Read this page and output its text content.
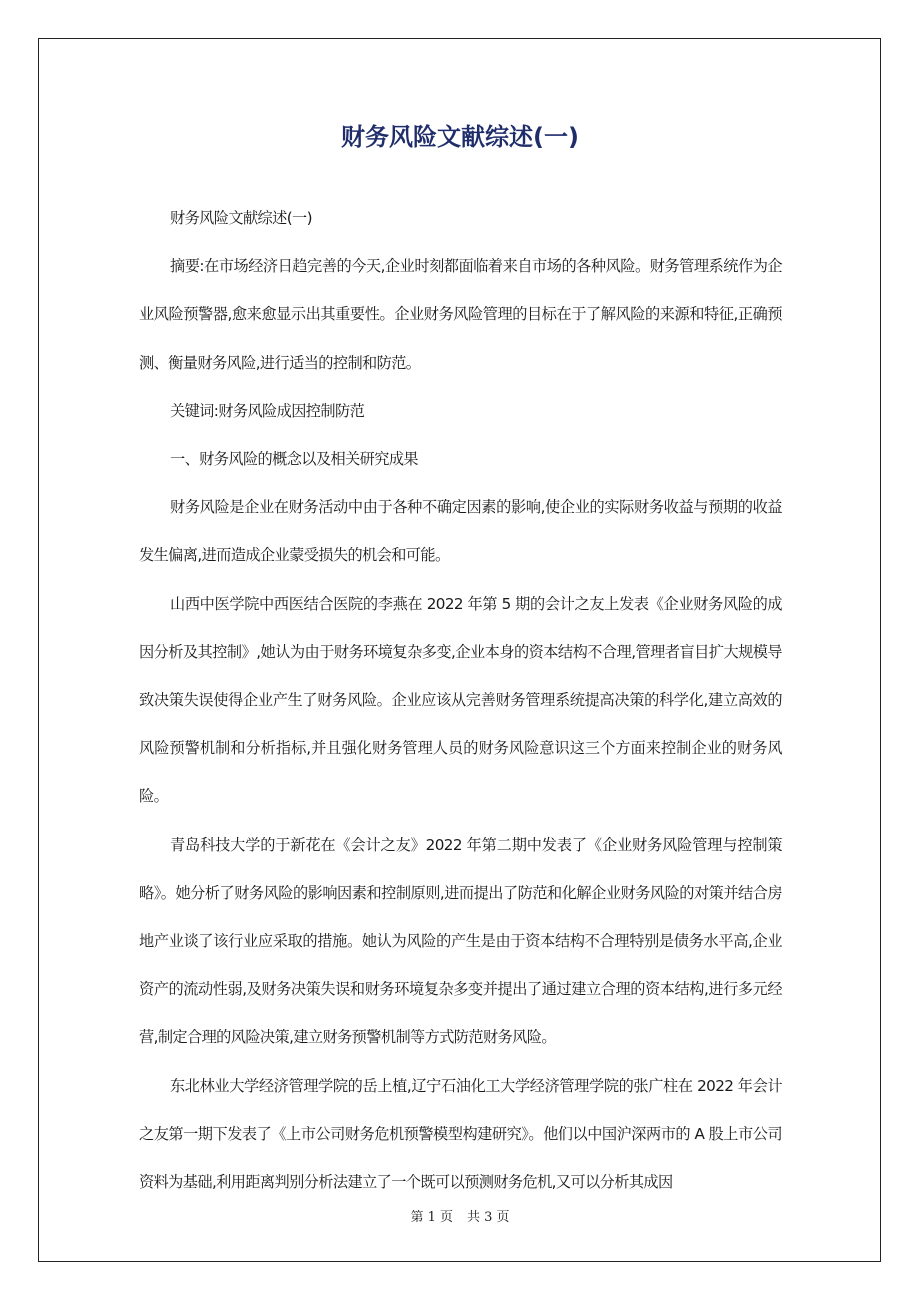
财务风险文献综述(一)

财务风险文献综述(一)

摘要:在市场经济日趋完善的今天,企业时刻都面临着来自市场的各种风险。财务管理系统作为企业风险预警器,愈来愈显示出其重要性。企业财务风险管理的目标在于了解风险的来源和特征,正确预测、衡量财务风险,进行适当的控制和防范。

关键词:财务风险成因控制防范

一、财务风险的概念以及相关研究成果

财务风险是企业在财务活动中由于各种不确定因素的影响,使企业的实际财务收益与预期的收益发生偏离,进而造成企业蒙受损失的机会和可能。

山西中医学院中西医结合医院的李燕在 2022 年第 5 期的会计之友上发表《企业财务风险的成因分析及其控制》,她认为由于财务环境复杂多变,企业本身的资本结构不合理,管理者盲目扩大规模导致决策失误使得企业产生了财务风险。企业应该从完善财务管理系统提高决策的科学化,建立高效的风险预警机制和分析指标,并且强化财务管理人员的财务风险意识这三个方面来控制企业的财务风险。

青岛科技大学的于新花在《会计之友》2022 年第二期中发表了《企业财务风险管理与控制策略》。她分析了财务风险的影响因素和控制原则,进而提出了防范和化解企业财务风险的对策并结合房地产业谈了该行业应采取的措施。她认为风险的产生是由于资本结构不合理特别是债务水平高,企业资产的流动性弱,及财务决策失误和财务环境复杂多变并提出了通过建立合理的资本结构,进行多元经营,制定合理的风险决策,建立财务预警机制等方式防范财务风险。

东北林业大学经济管理学院的岳上植,辽宁石油化工大学经济管理学院的张广柱在 2022 年会计之友第一期下发表了《上市公司财务危机预警模型构建研究》。他们以中国沪深两市的 A 股上市公司资料为基础,利用距离判别分析法建立了一个既可以预测财务危机,又可以分析其成因

第 1 页 共 3 页
